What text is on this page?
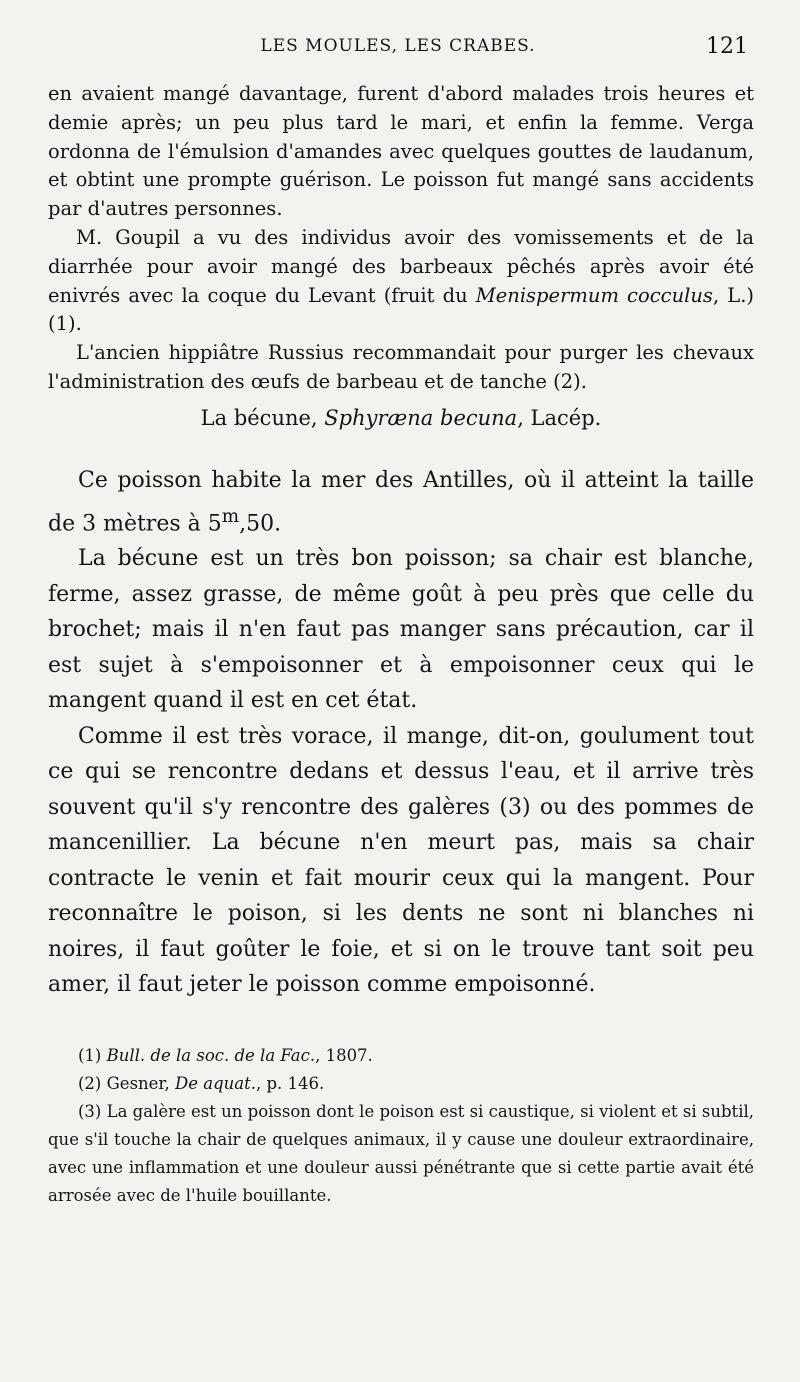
LES MOULES, LES CRABES.	121

en avaient mangé davantage, furent d'abord malades trois heures et demie après; un peu plus tard le mari, et enfin la femme. Verga ordonna de l'émulsion d'amandes avec quelques gouttes de laudanum, et obtint une prompte guérison. Le poisson fut mangé sans accidents par d'autres personnes.

M. Goupil a vu des individus avoir des vomissements et de la diarrhée pour avoir mangé des barbeaux pêchés après avoir été enivrés avec la coque du Levant (fruit du Menispermum cocculus, L.) (1).

L'ancien hippiâtre Russius recommandait pour purger les chevaux l'administration des œufs de barbeau et de tanche (2).

La bécune, Sphyræna becuna, Lacép.

Ce poisson habite la mer des Antilles, où il atteint la taille de 3 mètres à 5$^m$,50.

La bécune est un très bon poisson; sa chair est blanche, ferme, assez grasse, de même goût à peu près que celle du brochet; mais il n'en faut pas manger sans précaution, car il est sujet à s'empoisonner et à empoisonner ceux qui le mangent quand il est en cet état.

Comme il est très vorace, il mange, dit-on, goulument tout ce qui se rencontre dedans et dessus l'eau, et il arrive très souvent qu'il s'y rencontre des galères (3) ou des pommes de mancenillier. La bécune n'en meurt pas, mais sa chair contracte le venin et fait mourir ceux qui la mangent. Pour reconnaître le poison, si les dents ne sont ni blanches ni noires, il faut goûter le foie, et si on le trouve tant soit peu amer, il faut jeter le poisson comme empoisonné.

(1) Bull. de la soc. de la Fac., 1807.

(2) Gesner, De aquat., p. 146.

(3) La galère est un poisson dont le poison est si caustique, si violent et si subtil, que s'il touche la chair de quelques animaux, il y cause une douleur extraordinaire, avec une inflammation et une douleur aussi pénétrante que si cette partie avait été arrosée avec de l'huile bouillante.
